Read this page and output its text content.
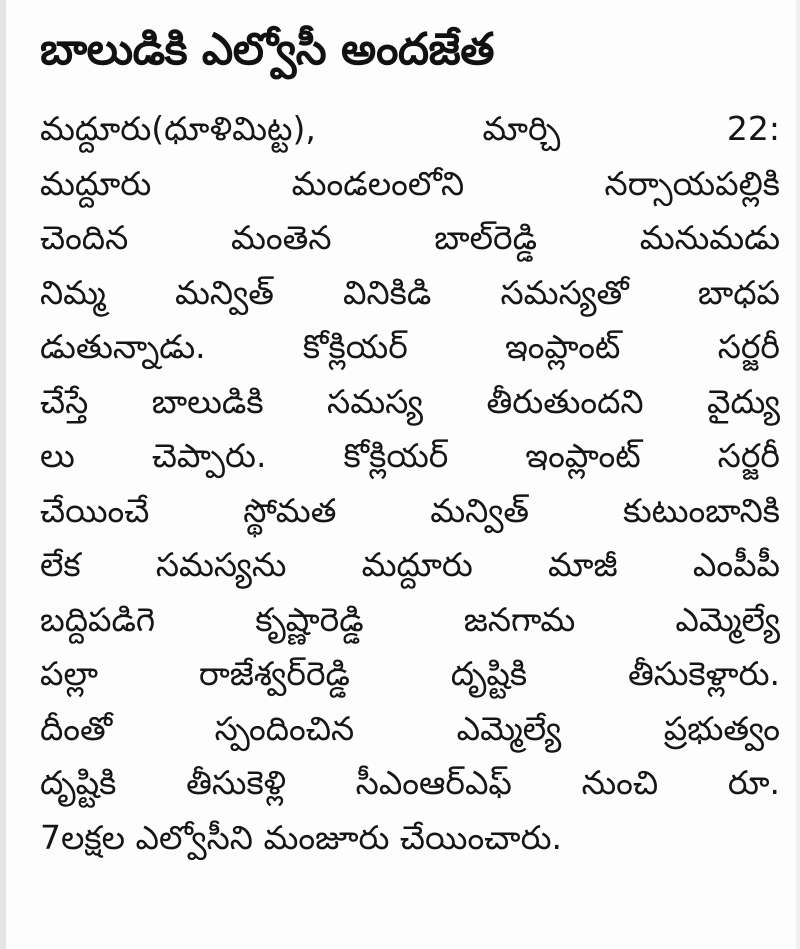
బాలుడికి ఎల్వోసీ అందజేత
మద్దూరు(ధూళిమిట్ట), మార్చి 22:
మద్దూరు మండలంలోని నర్సాయపల్లికి
చెందిన మంతెన బాల్‌రెడ్డి మనుమడు
నిమ్మ మన్విత్ వినికిడి సమస్యతో బాధప
డుతున్నాడు. కోక్లియర్ ఇంప్లాంట్ సర్జరీ
చేస్తే బాలుడికి సమస్య తీరుతుందని వైద్యు
లు చెప్పారు. కోక్లియర్ ఇంప్లాంట్ సర్జరీ
చేయించే స్థోమత మన్విత్ కుటుంబానికి
లేక సమస్యను మద్దూరు మాజీ ఎంపీపీ
బద్దిపడిగె కృష్ణారెడ్డి జనగామ ఎమ్మెల్యే
పల్లా రాజేశ్వర్‌రెడ్డి దృష్టికి తీసుకెళ్లారు.
దీంతో స్పందించిన ఎమ్మెల్యే ప్రభుత్వం
దృష్టికి తీసుకెళ్లి సీఎంఆర్‌ఎఫ్ నుంచి రూ.
7లక్షల ఎల్వోసీని మంజూరు చేయించారు.
